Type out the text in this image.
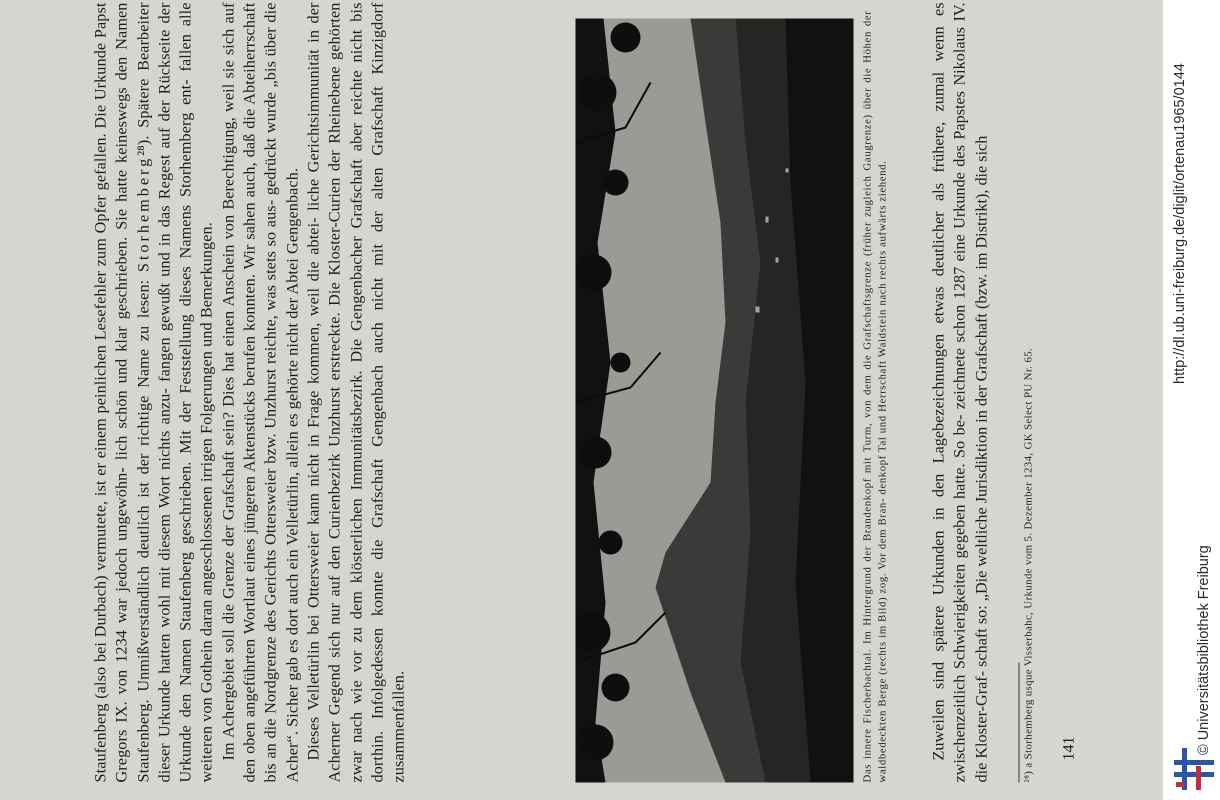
Staufenberg (also bei Durbach) vermutete, ist er einem peinlichen Lesefehler zum Opfer gefallen. Die Urkunde Papst Gregors IX. von 1234 war jedoch ungewöhn- lich schön und klar geschrieben. Sie hatte keineswegs den Namen Staufenberg. Unmißverständlich deutlich ist der richtige Name zu lesen: Storhemberg²⁸). Spätere Bearbeiter dieser Urkunde hatten wohl mit diesem Wort nichts anzu- fangen gewußt und in das Regest auf der Rückseite der Urkunde den Namen Staufenberg geschrieben. Mit der Feststellung dieses Namens Storhemberg ent- fallen alle weiteren von Gothein daran angeschlossenen irrigen Folgerungen und Bemerkungen. Im Achergebiet soll die Grenze der Grafschaft sein? Dies hat einen Anschein von Berechtigung, weil sie sich auf den oben angeführten Wortlaut eines jüngeren Aktenstücks berufen konnten. Wir sahen auch, daß die Abteiherrschaft bis an die Nordgrenze des Gerichts Ottersweier bzw. Unzhurst reichte, was stets so aus- gedrückt wurde „bis über die Acher“. Sicher gab es dort auch ein Velletürlin, allein es gehörte nicht der Abtei Gengenbach. Dieses Velletürlin bei Ottersweier kann nicht in Frage kommen, weil die abtei- liche Gerichtsimmunität in der Acherner Gegend sich nur auf den Curienbezirk Unzhurst erstreckte. Die Kloster-Curien der Rheinebene gehörten zwar nach wie vor zu dem klösterlichen Immunitätsbezirk. Die Gengenbacher Grafschaft aber reichte nicht bis dorthin. Infolgedessen konnte die Grafschaft Gengenbach auch nicht mit der alten Grafschaft Kinzigdorf zusammenfallen.	Das innere Fischerbachtal. Im Hintergrund der Brandenkopf mit Turm, von dem die Grafschaftsgrenze (früher zugleich Gaugrenze) über die Höhen der waldbedeckten Berge (rechts im Bild) zog. Vor dem Bran- denkopf Tal und Herrschaft Waldstein nach rechts aufwärts ziehend.	Zuweilen sind spätere Urkunden in den Lagebezeichnungen etwas deutlicher als frühere, zumal wenn es zwischenzeitlich Schwierigkeiten gegeben hatte. So be- zeichnete schon 1287 eine Urkunde des Papstes Nikolaus IV. die Kloster-Graf- schaft so: „Die weltliche Jurisdiktion in der Grafschaft (bzw. im Distrikt), die sich	²⁸) a Storhemberg usque Visserbahc, Urkunde vom 5. Dezember 1234, GK Select PU Nr. 65. 141
http://dl.ub.uni-freiburg.de/diglit/ortenau1965/0144
© Universitätsbibliothek Freiburg
